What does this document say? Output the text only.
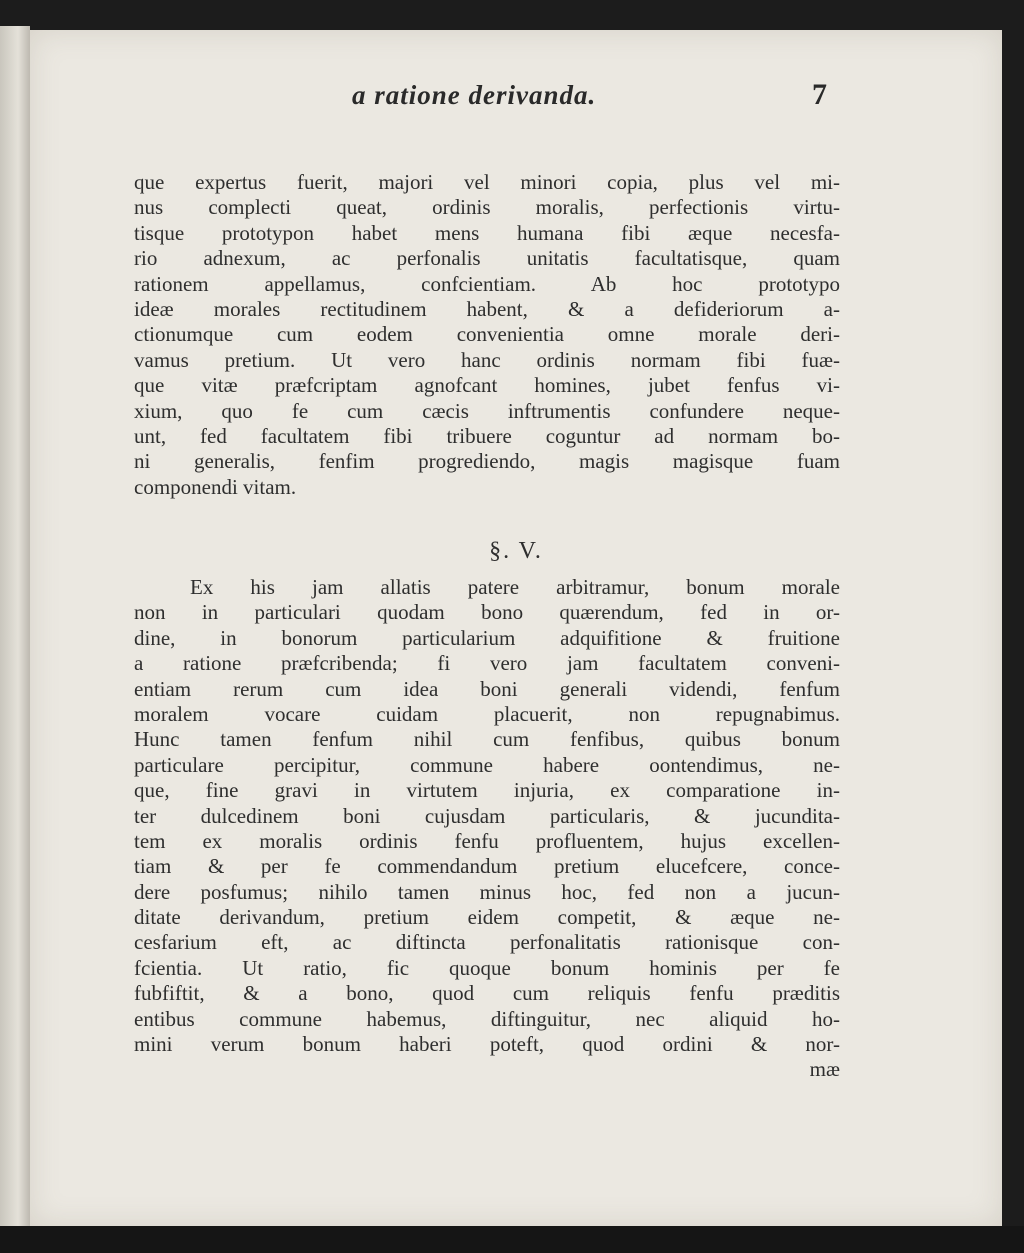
a ratione derivanda.	7
que expertus fuerit, majori vel minori copia, plus vel mi-
nus complecti queat, ordinis moralis, perfectionis virtu-
tisque prototypon habet mens humana fibi æque necesfa-
rio adnexum, ac perfonalis unitatis facultatisque, quam
rationem appellamus, confcientiam. Ab hoc prototypo
ideæ morales rectitudinem habent, & a defideriorum a-
ctionumque cum eodem convenientia omne morale deri-
vamus pretium. Ut vero hanc ordinis normam fibi fuæ-
que vitæ præfcriptam agnofcant homines, jubet fenfus vi-
xium, quo fe cum cæcis inftrumentis confundere neque-
unt, fed facultatem fibi tribuere coguntur ad normam bo-
ni generalis, fenfim progrediendo, magis magisque fuam
componendi vitam.
§. V.
Ex his jam allatis patere arbitramur, bonum morale
non in particulari quodam bono quærendum, fed in or-
dine, in bonorum particularium adquifitione & fruitione
a ratione præfcribenda; fi vero jam facultatem conveni-
entiam rerum cum idea boni generali videndi, fenfum
moralem vocare cuidam placuerit, non repugnabimus.
Hunc tamen fenfum nihil cum fenfibus, quibus bonum
particulare percipitur, commune habere oontendimus, ne-
que, fine gravi in virtutem injuria, ex comparatione in-
ter dulcedinem boni cujusdam particularis, & jucundita-
tem ex moralis ordinis fenfu profluentem, hujus excellen-
tiam & per fe commendandum pretium elucefcere, conce-
dere posfumus; nihilo tamen minus hoc, fed non a jucun-
ditate derivandum, pretium eidem competit, & æque ne-
cesfarium eft, ac diftincta perfonalitatis rationisque con-
fcientia. Ut ratio, fic quoque bonum hominis per fe
fubfiftit, & a bono, quod cum reliquis fenfu præditis
entibus commune habemus, diftinguitur, nec aliquid ho-
mini verum bonum haberi poteft, quod ordini & nor-
mæ
